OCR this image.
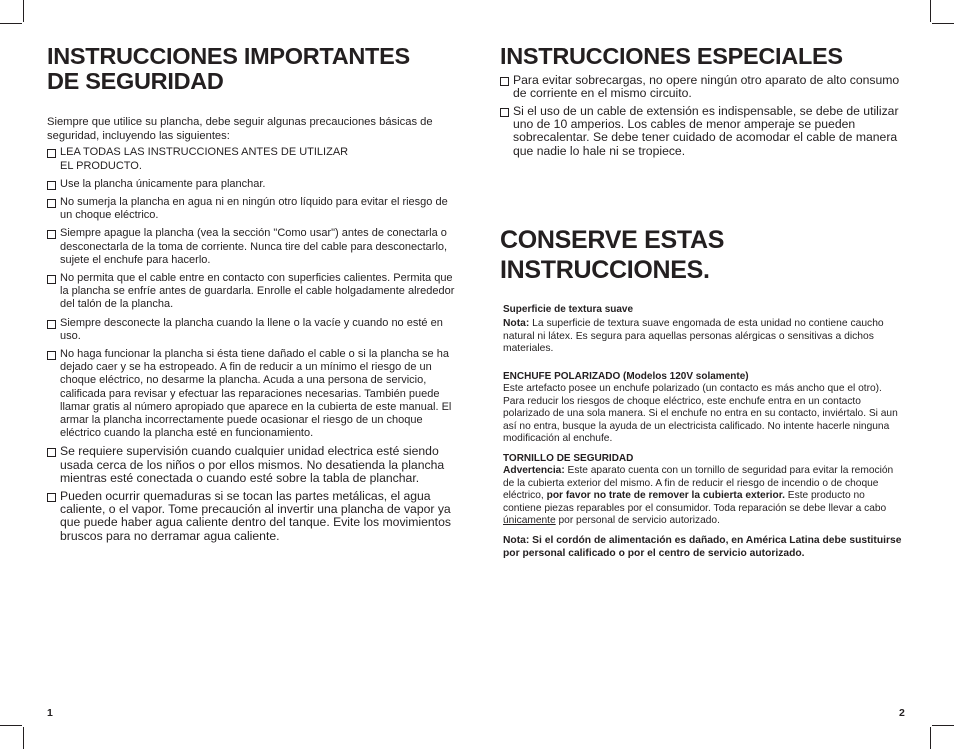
INSTRUCCIONES IMPORTANTES
DE SEGURIDAD

Siempre que utilice su plancha, debe seguir algunas precauciones básicas de seguridad, incluyendo las siguientes:

LEA TODAS LAS INSTRUCCIONES ANTES DE UTILIZAR
EL PRODUCTO.
Use la plancha únicamente para planchar.
No sumerja la plancha en agua ni en ningún otro líquido para evitar el riesgo de un choque eléctrico.
Siempre apague la plancha (vea la sección "Como usar") antes de conectarla o desconectarla de la toma de corriente. Nunca tire del cable para desconectarlo, sujete el enchufe para hacerlo.
No permita que el cable entre en contacto con superficies calientes. Permita que la plancha se enfríe antes de guardarla. Enrolle el cable holgadamente alrededor del talón de la plancha.
Siempre desconecte la plancha cuando la llene o la vacíe y cuando no esté en uso.
No haga funcionar la plancha si ésta tiene dañado el cable o si la plancha se ha dejado caer y se ha estropeado. A fin de reducir a un mínimo el riesgo de un choque eléctrico, no desarme la plancha. Acuda a una persona de servicio, calificada para revisar y efectuar las reparaciones necesarias. También puede llamar gratis al número apropiado que aparece en la cubierta de este manual. El armar la plancha incorrectamente puede ocasionar el riesgo de un choque eléctrico cuando la plancha esté en funcionamiento.
Se requiere supervisión cuando cualquier unidad electrica esté siendo usada cerca de los niños o por ellos mismos. No desatienda la plancha mientras esté conectada o cuando esté sobre la tabla de planchar.
Pueden ocurrir quemaduras si se tocan las partes metálicas, el agua caliente, o el vapor. Tome precaución al invertir una plancha de vapor ya que puede haber agua caliente dentro del tanque. Evite los movimientos bruscos para no derramar agua caliente.
1
INSTRUCCIONES ESPECIALES
Para evitar sobrecargas, no opere ningún otro aparato de alto consumo de corriente en el mismo circuito.
Si el uso de un cable de extensión es indispensable, se debe de utilizar uno de 10 amperios. Los cables de menor amperaje se pueden sobrecalentar. Se debe tener cuidado de acomodar el cable de manera que nadie lo hale ni se tropiece.
CONSERVE ESTAS
INSTRUCCIONES.

Superficie de textura suave

Nota: La superficie de textura suave engomada de esta unidad no contiene caucho natural ni látex. Es segura para aquellas personas alérgicas o sensitivas a dichos materiales.

ENCHUFE POLARIZADO (Modelos 120V solamente)

Este artefacto posee un enchufe polarizado (un contacto es más ancho que el otro). Para reducir los riesgos de choque eléctrico, este enchufe entra en un contacto polarizado de una sola manera. Si el enchufe no entra en su contacto, inviértalo. Si aun así no entra, busque la ayuda de un electricista calificado. No intente hacerle ninguna modificación al enchufe.

TORNILLO DE SEGURIDAD

Advertencia: Este aparato cuenta con un tornillo de seguridad para evitar la remoción de la cubierta exterior del mismo. A fin de reducir el riesgo de incendio o de choque eléctrico, por favor no trate de remover la cubierta exterior. Este producto no contiene piezas reparables por el consumidor. Toda reparación se debe llevar a cabo únicamente por personal de servicio autorizado.

Nota: Si el cordón de alimentación es dañado, en América Latina debe sustituirse por personal calificado o por el centro de servicio autorizado.

2
